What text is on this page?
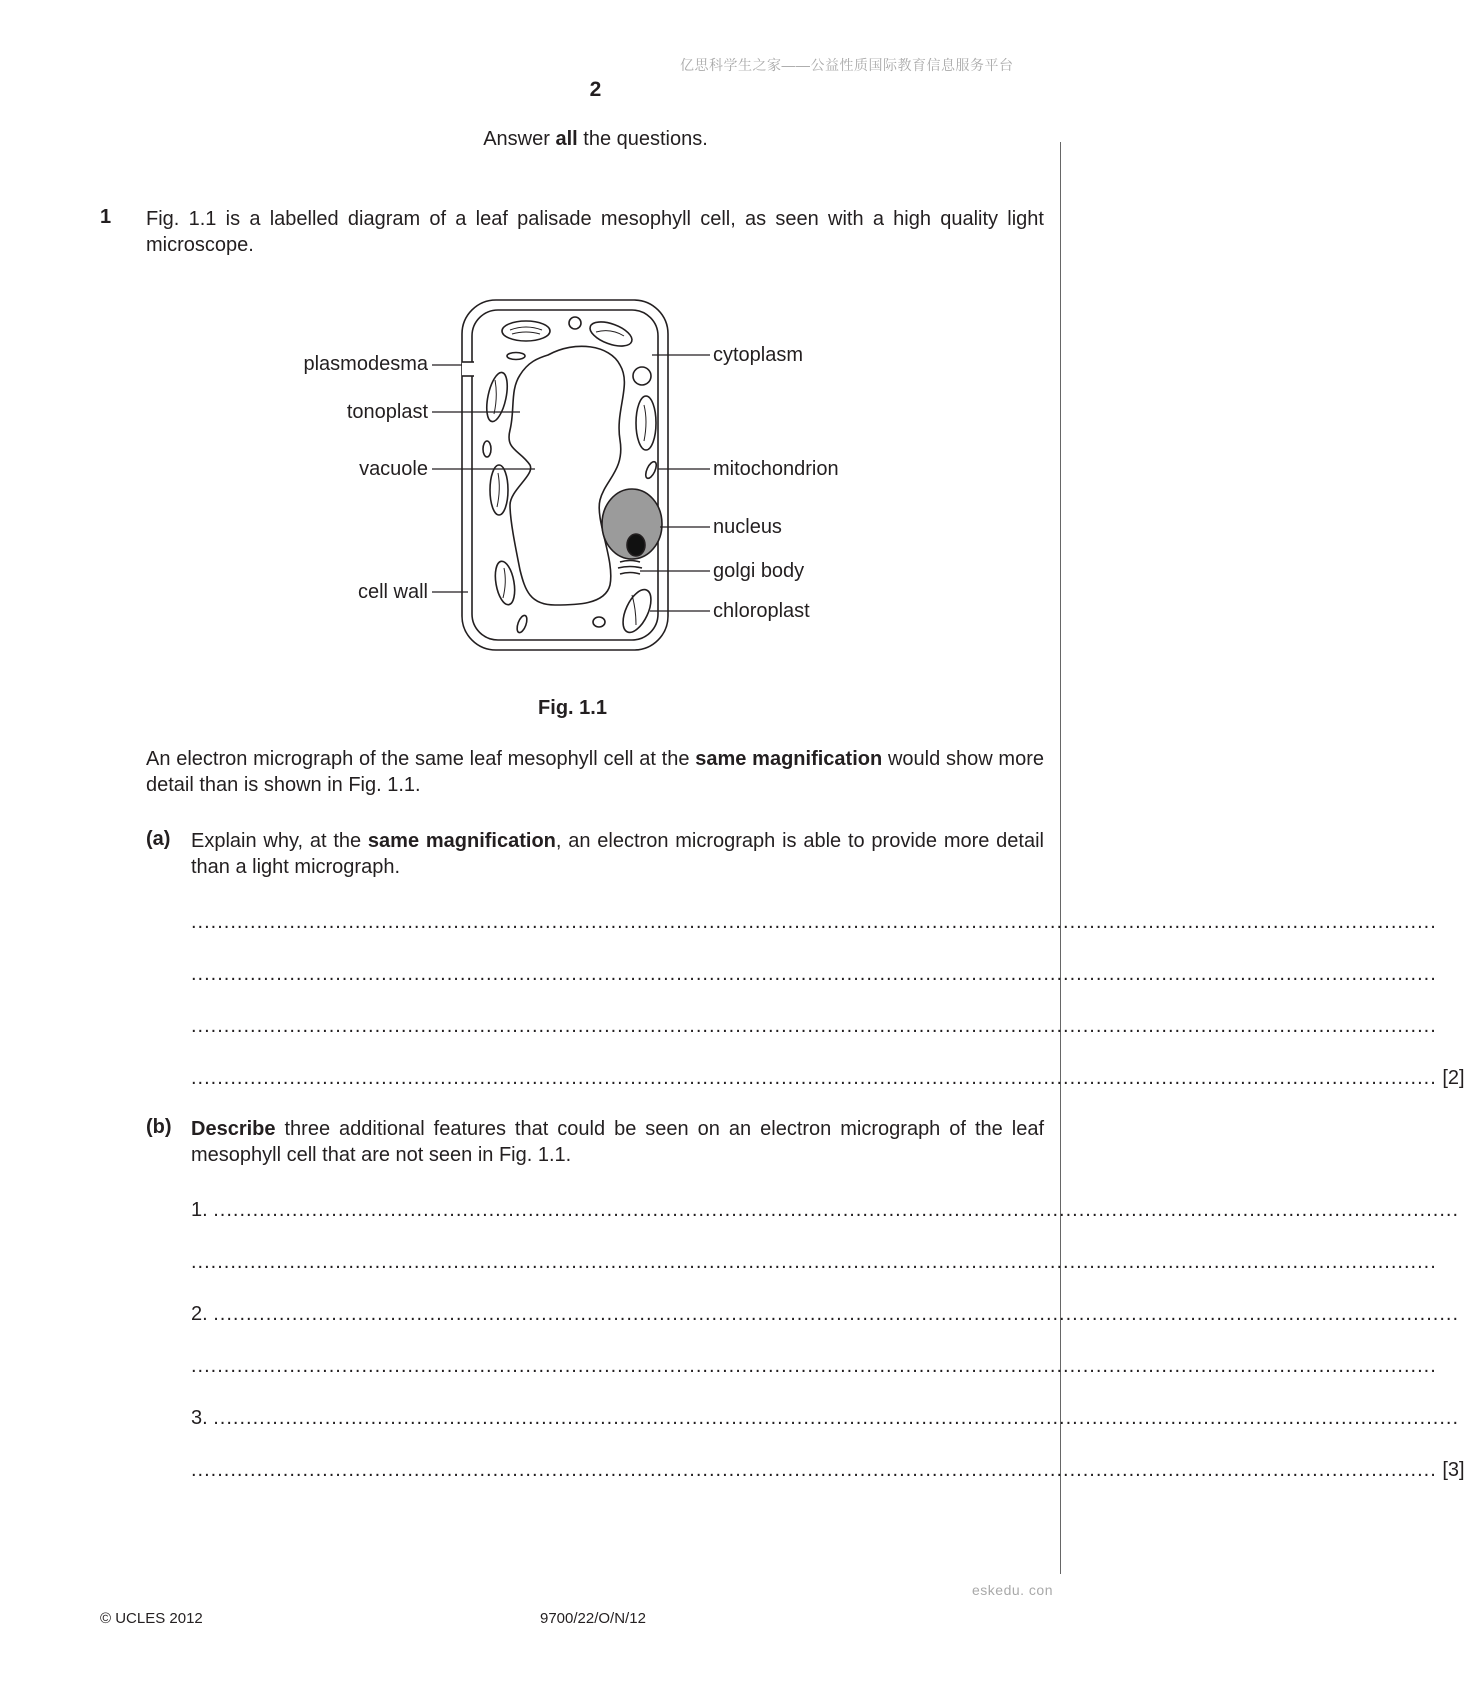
亿思科学生之家——公益性质国际教育信息服务平台
2
Answer all the questions.
1 Fig. 1.1 is a labelled diagram of a leaf palisade mesophyll cell, as seen with a high quality light microscope.
plasmodesma
tonoplast
vacuole
cell wall
cytoplasm
mitochondrion
nucleus
golgi body
chloroplast
Fig. 1.1
An electron micrograph of the same leaf mesophyll cell at the same magnification would show more detail than is shown in Fig. 1.1.
(a) Explain why, at the same magnification, an electron micrograph is able to provide more detail than a light micrograph.
..............................................................................................................................................................................................
..............................................................................................................................................................................................
..............................................................................................................................................................................................
.............................................................................................................................................................................................. [2]
(b) Describe three additional features that could be seen on an electron micrograph of the leaf mesophyll cell that are not seen in Fig. 1.1.
1.
..............................................................................................................................................................................................
..............................................................................................................................................................................................
2.
..............................................................................................................................................................................................
..............................................................................................................................................................................................
3.
..............................................................................................................................................................................................
.............................................................................................................................................................................................. [3]
eskedu. con
© UCLES 2012	9700/22/O/N/12
